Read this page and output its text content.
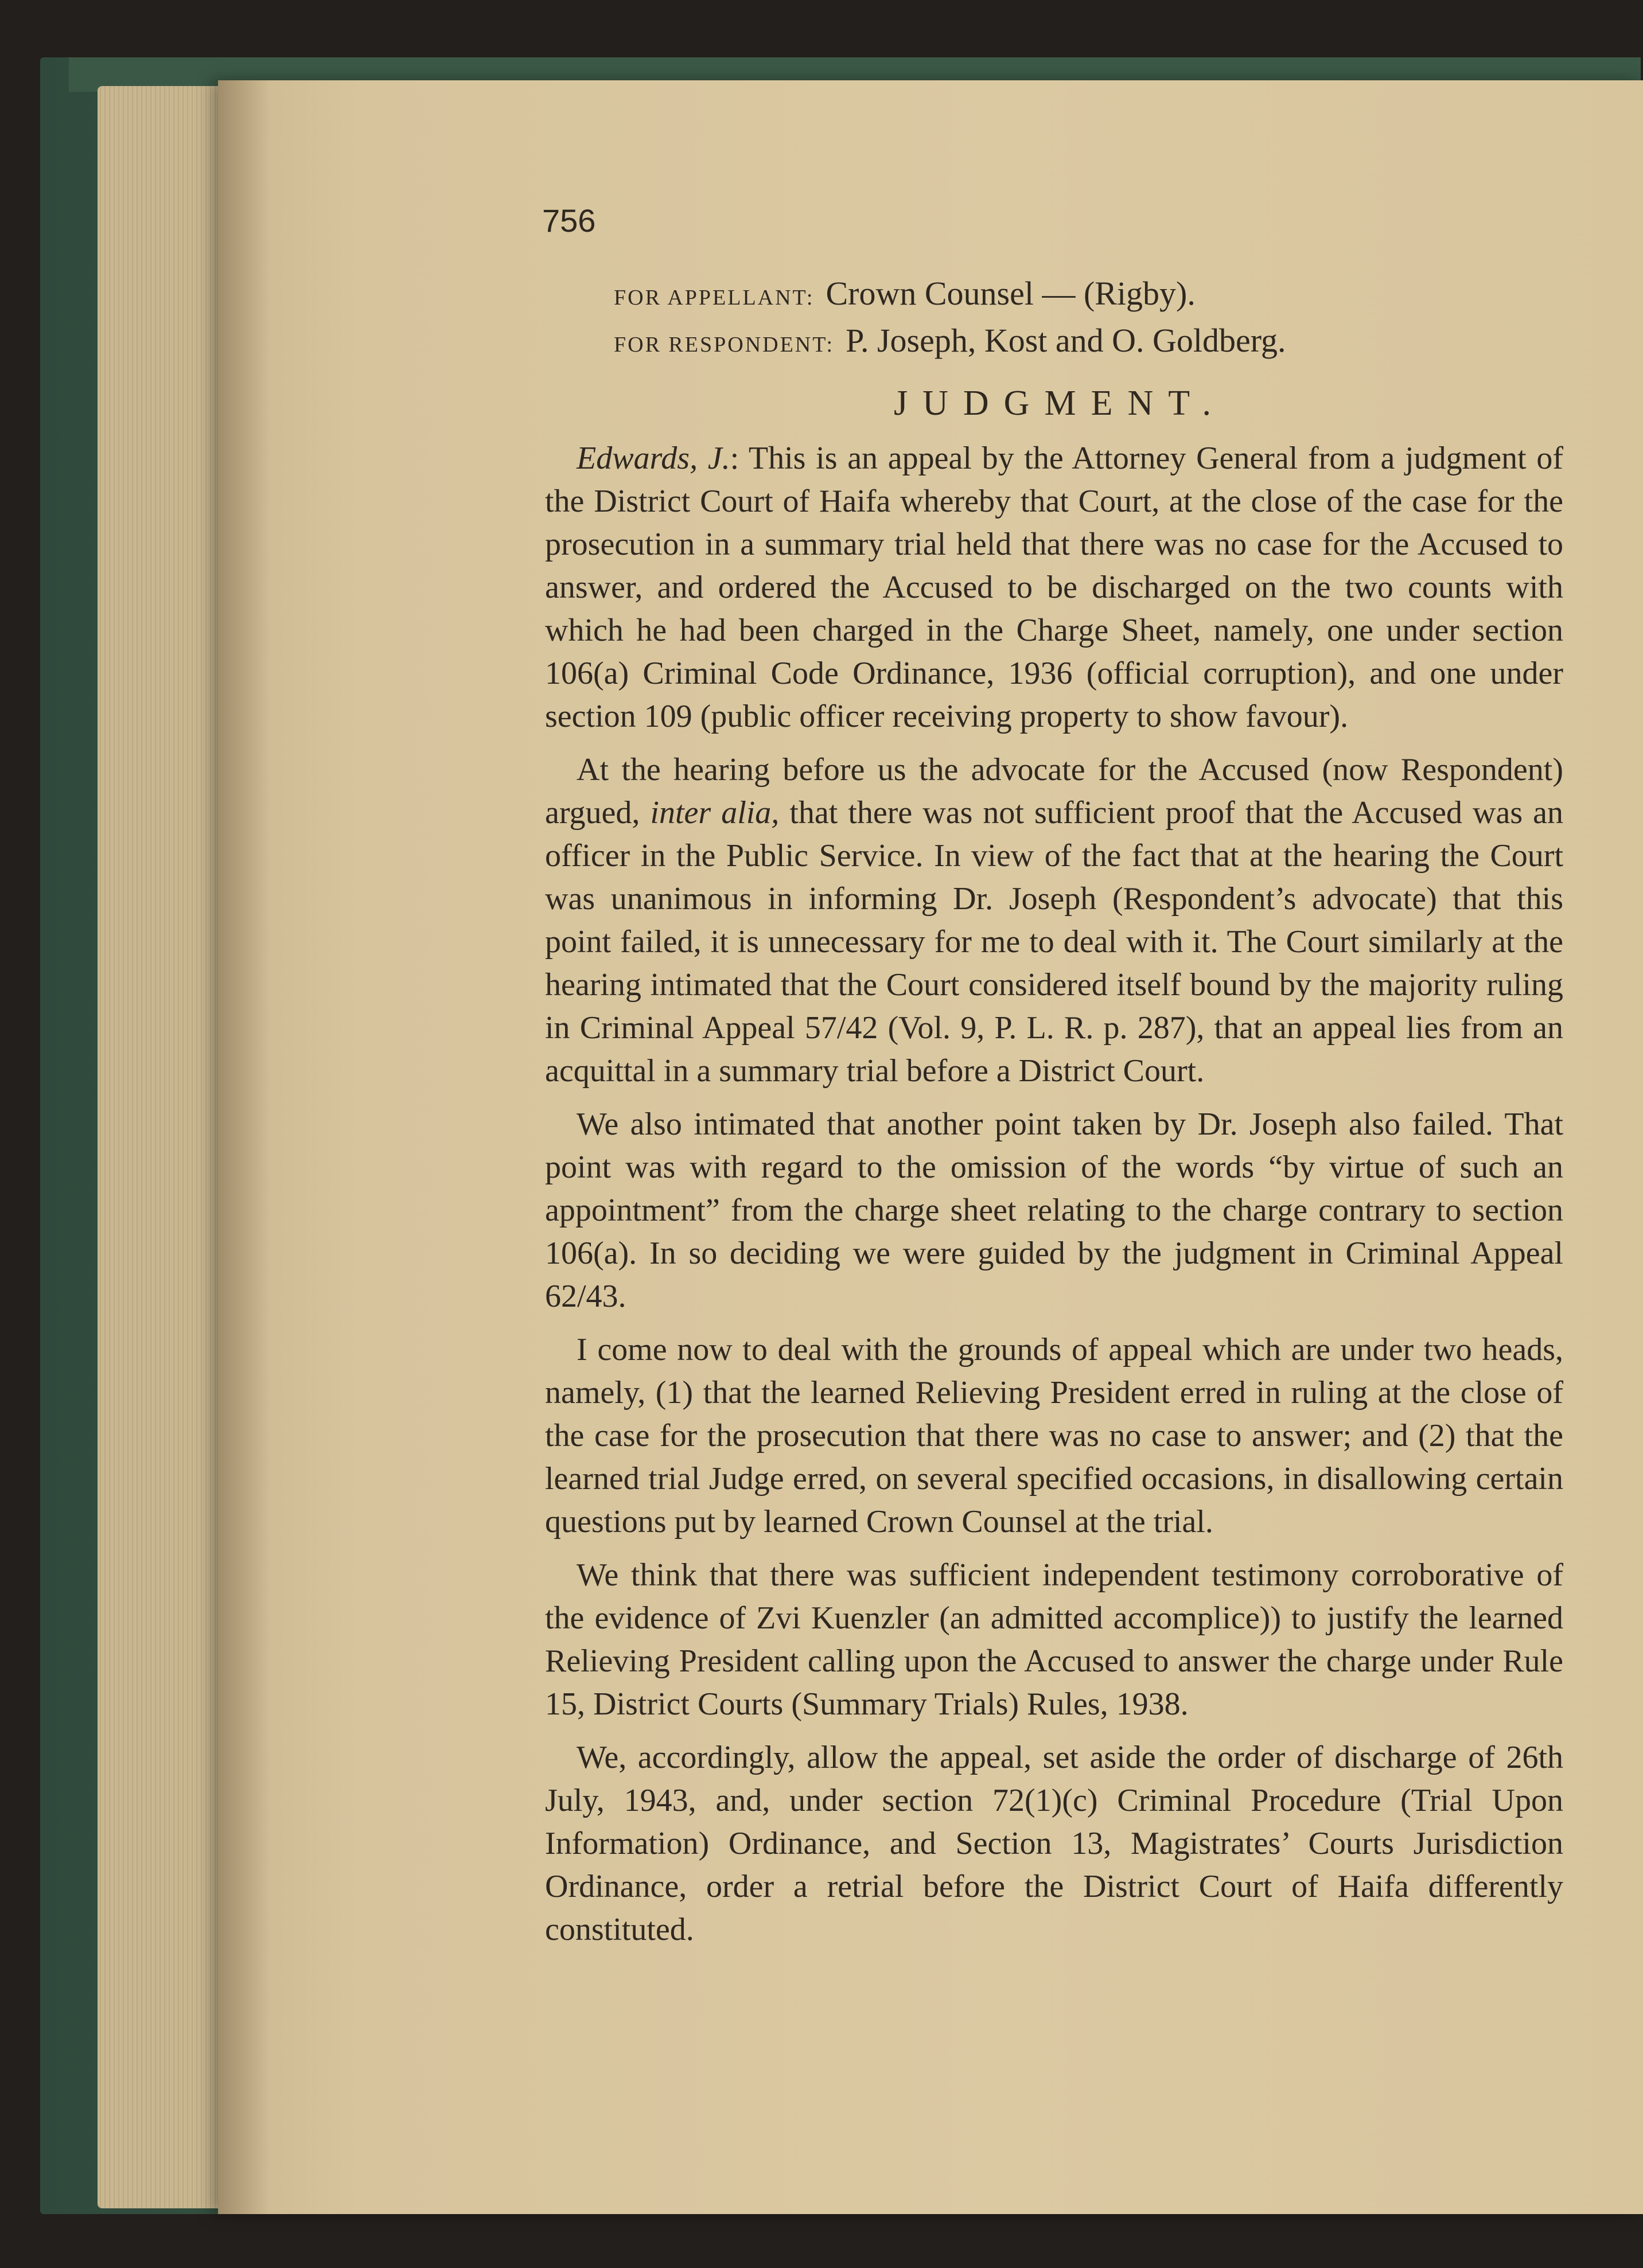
756
FOR APPELLANT: Crown Counsel — (Rigby).
FOR RESPONDENT: P. Joseph, Kost and O. Goldberg.
JUDGMENT.

Edwards, J.: This is an appeal by the Attorney General from a judgment of the District Court of Haifa whereby that Court, at the close of the case for the prosecution in a summary trial held that there was no case for the Accused to answer, and ordered the Accused to be discharged on the two counts with which he had been charged in the Charge Sheet, namely, one under section 106(a) Criminal Code Ordinance, 1936 (official corruption), and one under section 109 (public officer receiving property to show favour).

At the hearing before us the advocate for the Accused (now Respondent) argued, inter alia, that there was not sufficient proof that the Accused was an officer in the Public Service. In view of the fact that at the hearing the Court was unanimous in informing Dr. Joseph (Respondent’s advocate) that this point failed, it is unnecessary for me to deal with it. The Court similarly at the hearing intimated that the Court considered itself bound by the majority ruling in Criminal Appeal 57/42 (Vol. 9, P. L. R. p. 287), that an appeal lies from an acquittal in a summary trial before a District Court.

We also intimated that another point taken by Dr. Joseph also failed. That point was with regard to the omission of the words “by virtue of such an appointment” from the charge sheet relating to the charge contrary to section 106(a). In so deciding we were guided by the judgment in Criminal Appeal 62/43.

I come now to deal with the grounds of appeal which are under two heads, namely, (1) that the learned Relieving President erred in ruling at the close of the case for the prosecution that there was no case to answer; and (2) that the learned trial Judge erred, on several specified occasions, in disallowing certain questions put by learned Crown Counsel at the trial.

We think that there was sufficient independent testimony corroborative of the evidence of Zvi Kuenzler (an admitted accomplice)) to justify the learned Relieving President calling upon the Accused to answer the charge under Rule 15, District Courts (Summary Trials) Rules, 1938.

We, accordingly, allow the appeal, set aside the order of discharge of 26th July, 1943, and, under section 72(1)(c) Criminal Procedure (Trial Upon Information) Ordinance, and Section 13, Magistrates’ Courts Jurisdiction Ordinance, order a retrial before the District Court of Haifa differently constituted.
